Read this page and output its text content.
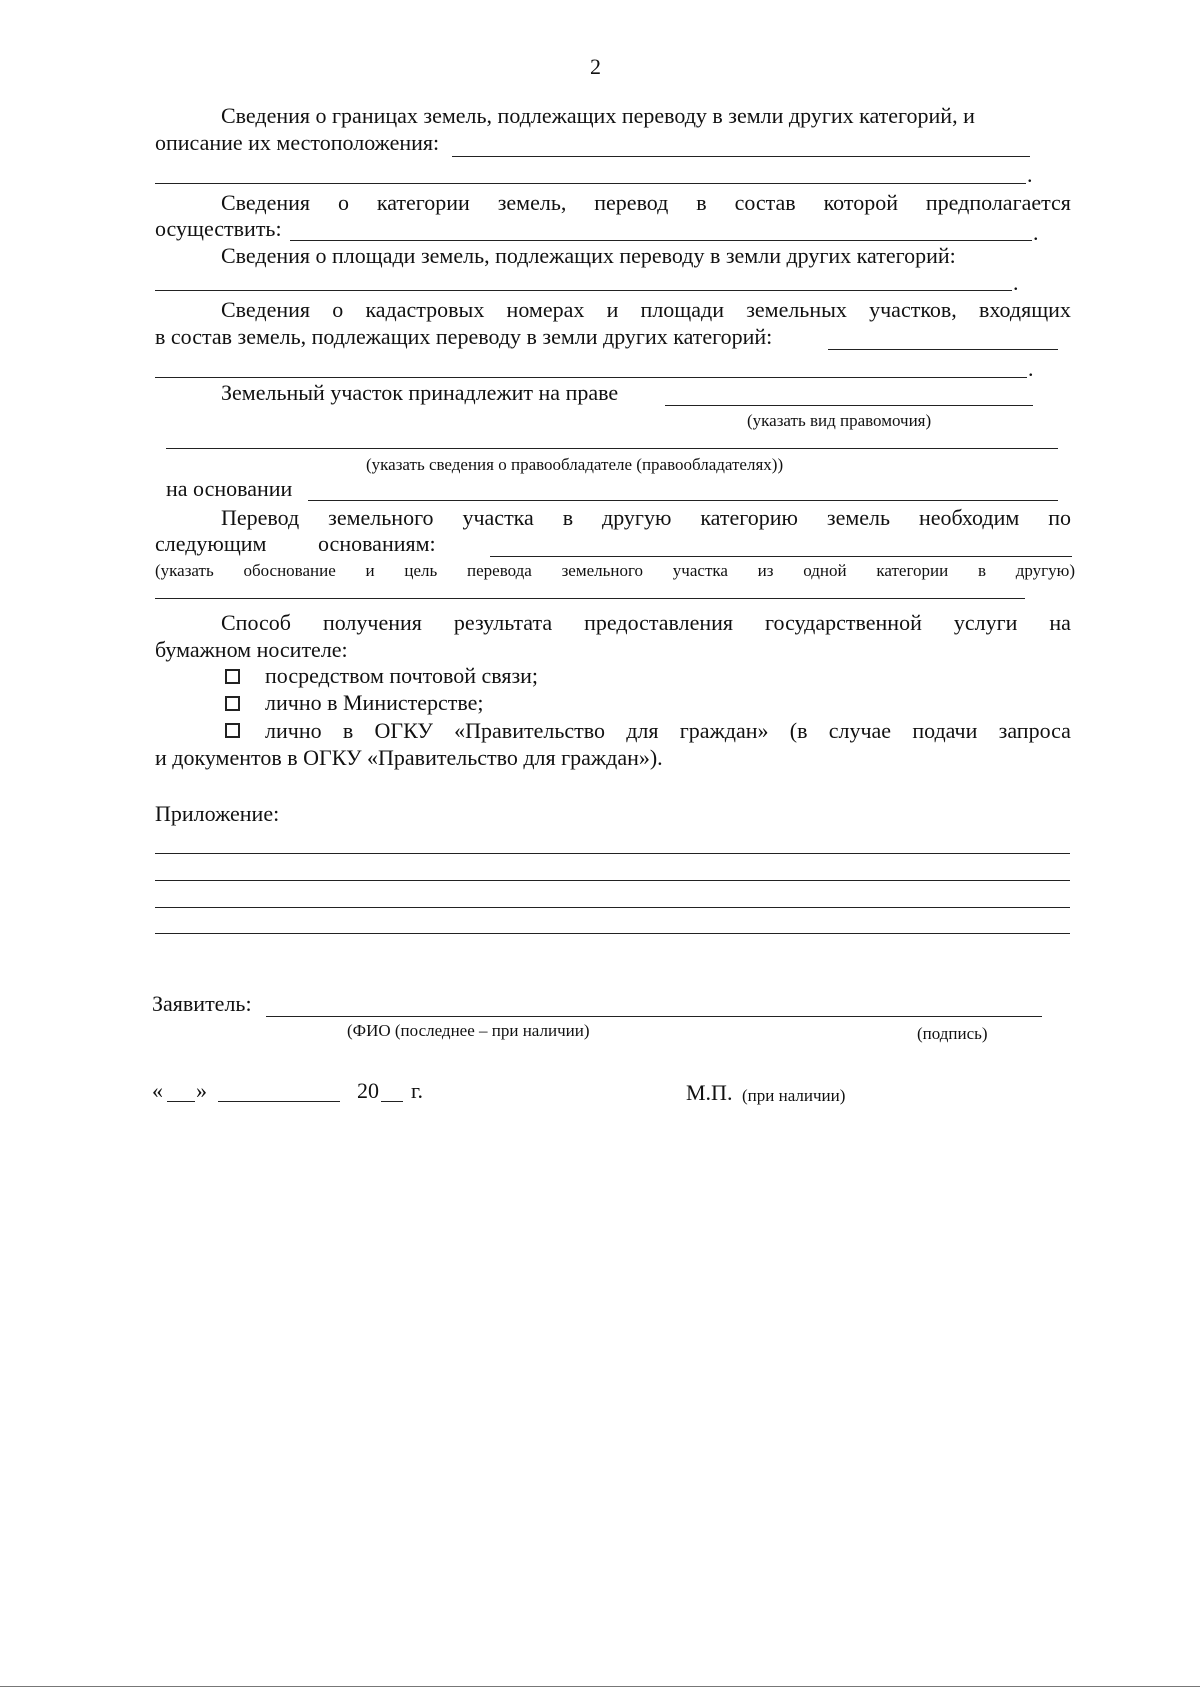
2
Сведения о границах земель, подлежащих переводу в земли других категорий, и
описание их местоположения:
.
Сведения о категории земель, перевод в состав которой предполагается
осуществить:	.
Сведения о площади земель, подлежащих переводу в земли других категорий:
.
Сведения о кадастровых номерах и площади земельных участков, входящих
в состав земель, подлежащих переводу в земли других категорий:
.
Земельный участок принадлежит на праве
(указать вид правомочия)
(указать сведения о правообладателе (правообладателях))
на основании
Перевод земельного участка в другую категорию земель необходим по
следующим основаниям:
(указать обоснование и цель перевода земельного участка из одной категории в другую)
Способ получения результата предоставления государственной услуги на
бумажном носителе:
посредством почтовой связи;
лично в Министерстве;
лично в ОГКУ «Правительство для граждан» (в случае подачи запроса
и документов в ОГКУ «Правительство для граждан»).
Приложение:
Заявитель:
(ФИО (последнее – при наличии)	(подпись)
« »	20 г.	М.П. (при наличии)
